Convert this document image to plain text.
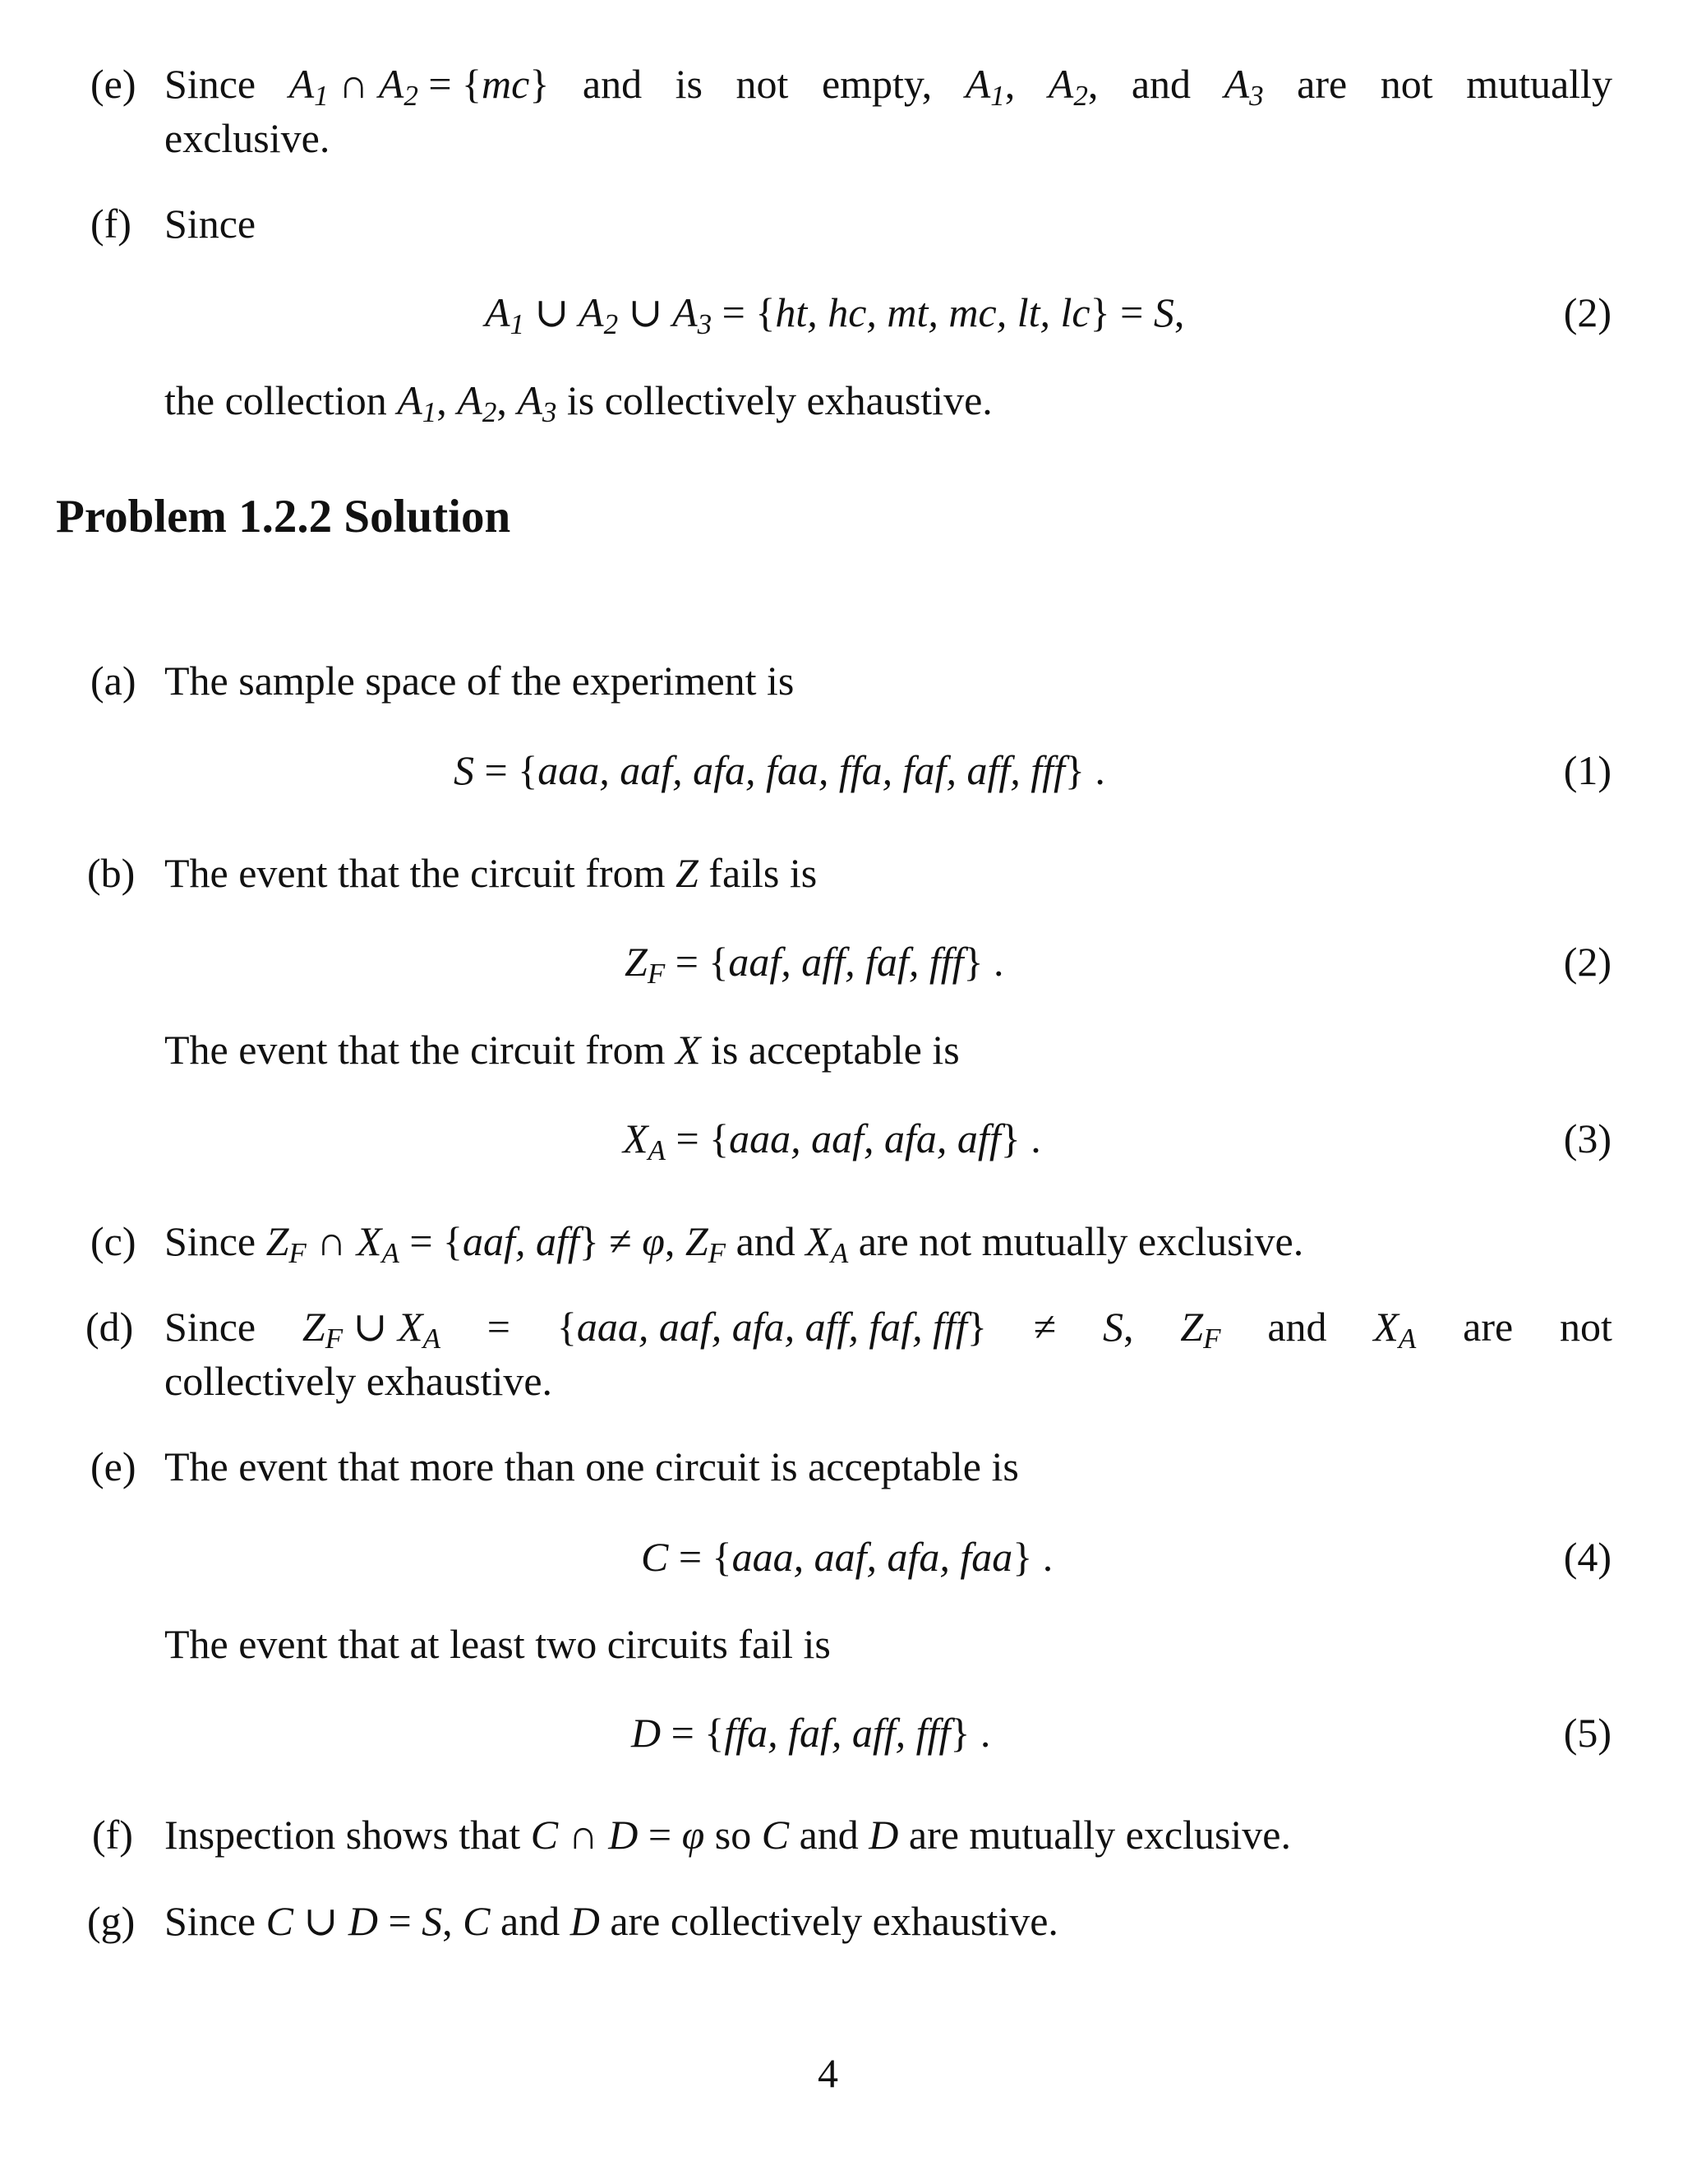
(e) Since $A_1$ ∩ $A_2 = \{mc\}$ and is not empty, $A_1$, $A_2$, and $A_3$ are not mutually
exclusive.
(f) Since
$A_1$ ∪ $A_2$ ∪ $A_3 = \{ht$, hc, mt, mc, lt, lc} = S,	(2)
the collection $A_1$, $A_2$, $A_3$ is collectively exhaustive.
Problem 1.2.2 Solution
(a) The sample space of the experiment is
S = {aaa, aaf, afa, faa, ffa, faf, aff, fff} .	(1)
(b) The event that the circuit from Z fails is
$Z_F = \{aaf$, aff, faf, fff} .	(2)
The event that the circuit from X is acceptable is
$X_A = \{aaa$, aaf, afa, aff} .	(3)
(c) Since $Z_F$ ∩ $X_A = \{aaf$, aff} ≠ φ, $Z_F$ and $X_A$ are not mutually exclusive.
(d) Since $Z_F$ ∪ $X_A = \{aaa$, aaf, afa, aff, faf, fff} ≠ S, $Z_F$ and $X_A$ are not
collectively exhaustive.
(e) The event that more than one circuit is acceptable is
C = {aaa, aaf, afa, faa} .	(4)
The event that at least two circuits fail is
D = {ffa, faf, aff, fff} .	(5)
(f) Inspection shows that C ∩ D = φ so C and D are mutually exclusive.
(g) Since C ∪ D = S, C and D are collectively exhaustive.
4
